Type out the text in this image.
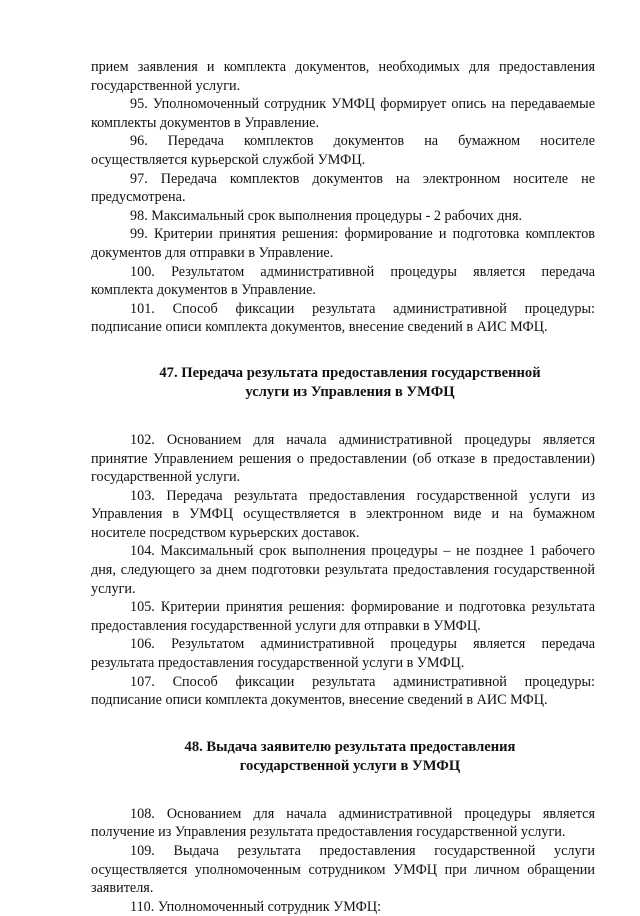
прием заявления и комплекта документов, необходимых для предоставления государственной услуги.

95. Уполномоченный сотрудник УМФЦ формирует опись на передаваемые комплекты документов в Управление.

96. Передача комплектов документов на бумажном носителе осуществляется курьерской службой УМФЦ.

97. Передача комплектов документов на электронном носителе не предусмотрена.

98. Максимальный срок выполнения процедуры - 2 рабочих дня.

99. Критерии принятия решения: формирование и подготовка комплектов документов для отправки в Управление.

100. Результатом административной процедуры является передача комплекта документов в Управление.

101. Способ фиксации результата административной процедуры: подписание описи комплекта документов, внесение сведений в АИС МФЦ.

47. Передача результата предоставления государственной
услуги из Управления в УМФЦ

102. Основанием для начала административной процедуры является принятие Управлением решения о предоставлении (об отказе в предоставлении) государственной услуги.

103. Передача результата предоставления государственной услуги из Управления в УМФЦ осуществляется в электронном виде и на бумажном носителе посредством курьерских доставок.

104. Максимальный срок выполнения процедуры – не позднее 1 рабочего дня, следующего за днем подготовки результата предоставления государственной услуги.

105. Критерии принятия решения: формирование и подготовка результата предоставления государственной услуги для отправки в УМФЦ.

106. Результатом административной процедуры является передача результата предоставления государственной услуги в УМФЦ.

107. Способ фиксации результата административной процедуры: подписание описи комплекта документов, внесение сведений в АИС МФЦ.

48. Выдача заявителю результата предоставления
государственной услуги в УМФЦ

108. Основанием для начала административной процедуры является получение из Управления результата предоставления государственной услуги.

109. Выдача результата предоставления государственной услуги осуществляется уполномоченным сотрудником УМФЦ при личном обращении заявителя.

110. Уполномоченный сотрудник УМФЦ:
